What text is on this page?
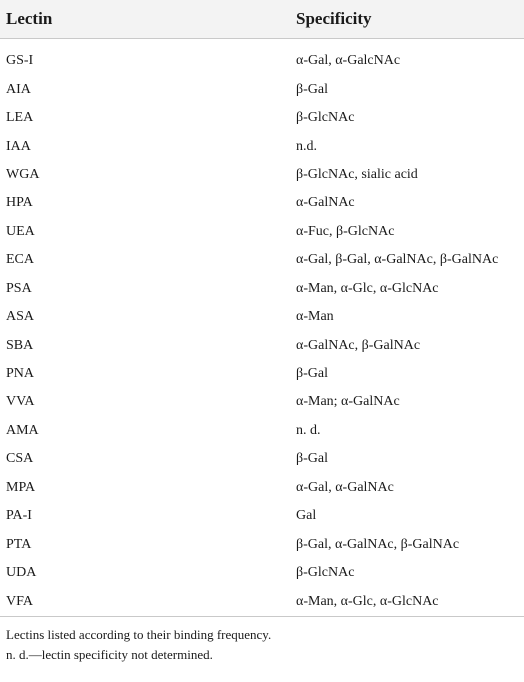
Lectin	Specificity

GS-I	α-Gal, α-GalcNAc
AIA	β-Gal
LEA	β-GlcNAc
IAA	n.d.
WGA	β-GlcNAc, sialic acid
HPA	α-GalNAc
UEA	α-Fuc, β-GlcNAc
ECA	α-Gal, β-Gal, α-GalNAc, β-GalNAc
PSA	α-Man, α-Glc, α-GlcNAc
ASA	α-Man
SBA	α-GalNAc, β-GalNAc
PNA	β-Gal
VVA	α-Man; α-GalNAc
AMA	n. d.
CSA	β-Gal
MPA	α-Gal, α-GalNAc
PA-I	Gal
PTA	β-Gal, α-GalNAc, β-GalNAc
UDA	β-GlcNAc
VFA	α-Man, α-Glc, α-GlcNAc
Lectins listed according to their binding frequency.
n. d.—lectin specificity not determined.
